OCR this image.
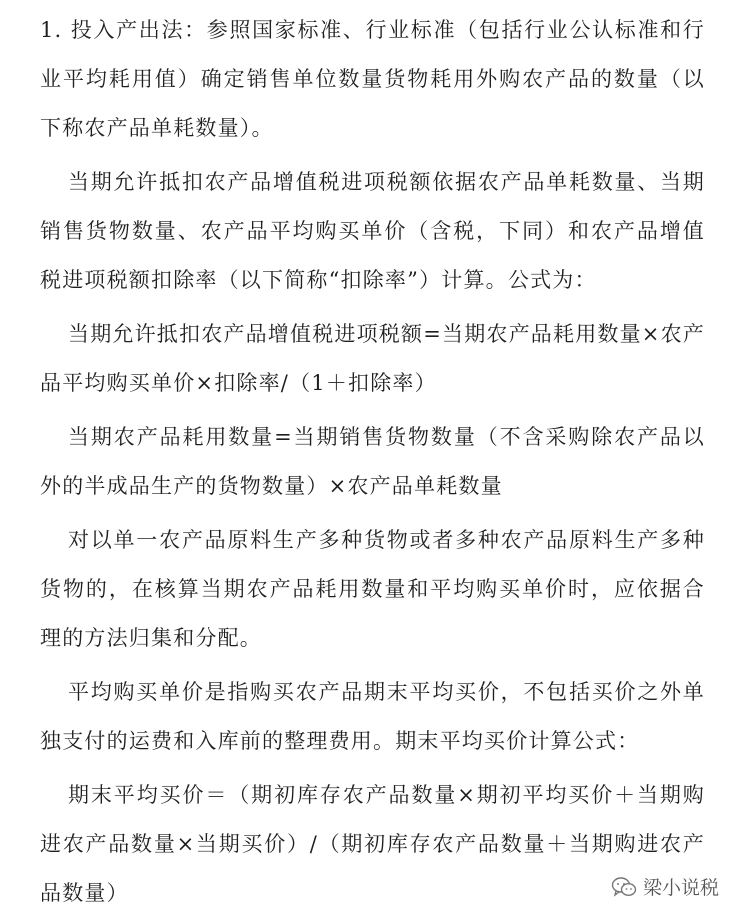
1. 投入产出法：参照国家标准、行业标准（包括行业公认标准和行业平均耗用值）确定销售单位数量货物耗用外购农产品的数量（以下称农产品单耗数量）。

当期允许抵扣农产品增值税进项税额依据农产品单耗数量、当期销售货物数量、农产品平均购买单价（含税，下同）和农产品增值税进项税额扣除率（以下简称“扣除率”）计算。公式为：

当期允许抵扣农产品增值税进项税额=当期农产品耗用数量×农产品平均购买单价×扣除率/（1＋扣除率）

当期农产品耗用数量=当期销售货物数量（不含采购除农产品以外的半成品生产的货物数量）×农产品单耗数量

对以单一农产品原料生产多种货物或者多种农产品原料生产多种货物的，在核算当期农产品耗用数量和平均购买单价时，应依据合理的方法归集和分配。

平均购买单价是指购买农产品期末平均买价，不包括买价之外单独支付的运费和入库前的整理费用。期末平均买价计算公式：

期末平均买价＝（期初库存农产品数量×期初平均买价＋当期购进农产品数量×当期买价）/（期初库存农产品数量＋当期购进农产品数量）	梁小说税
